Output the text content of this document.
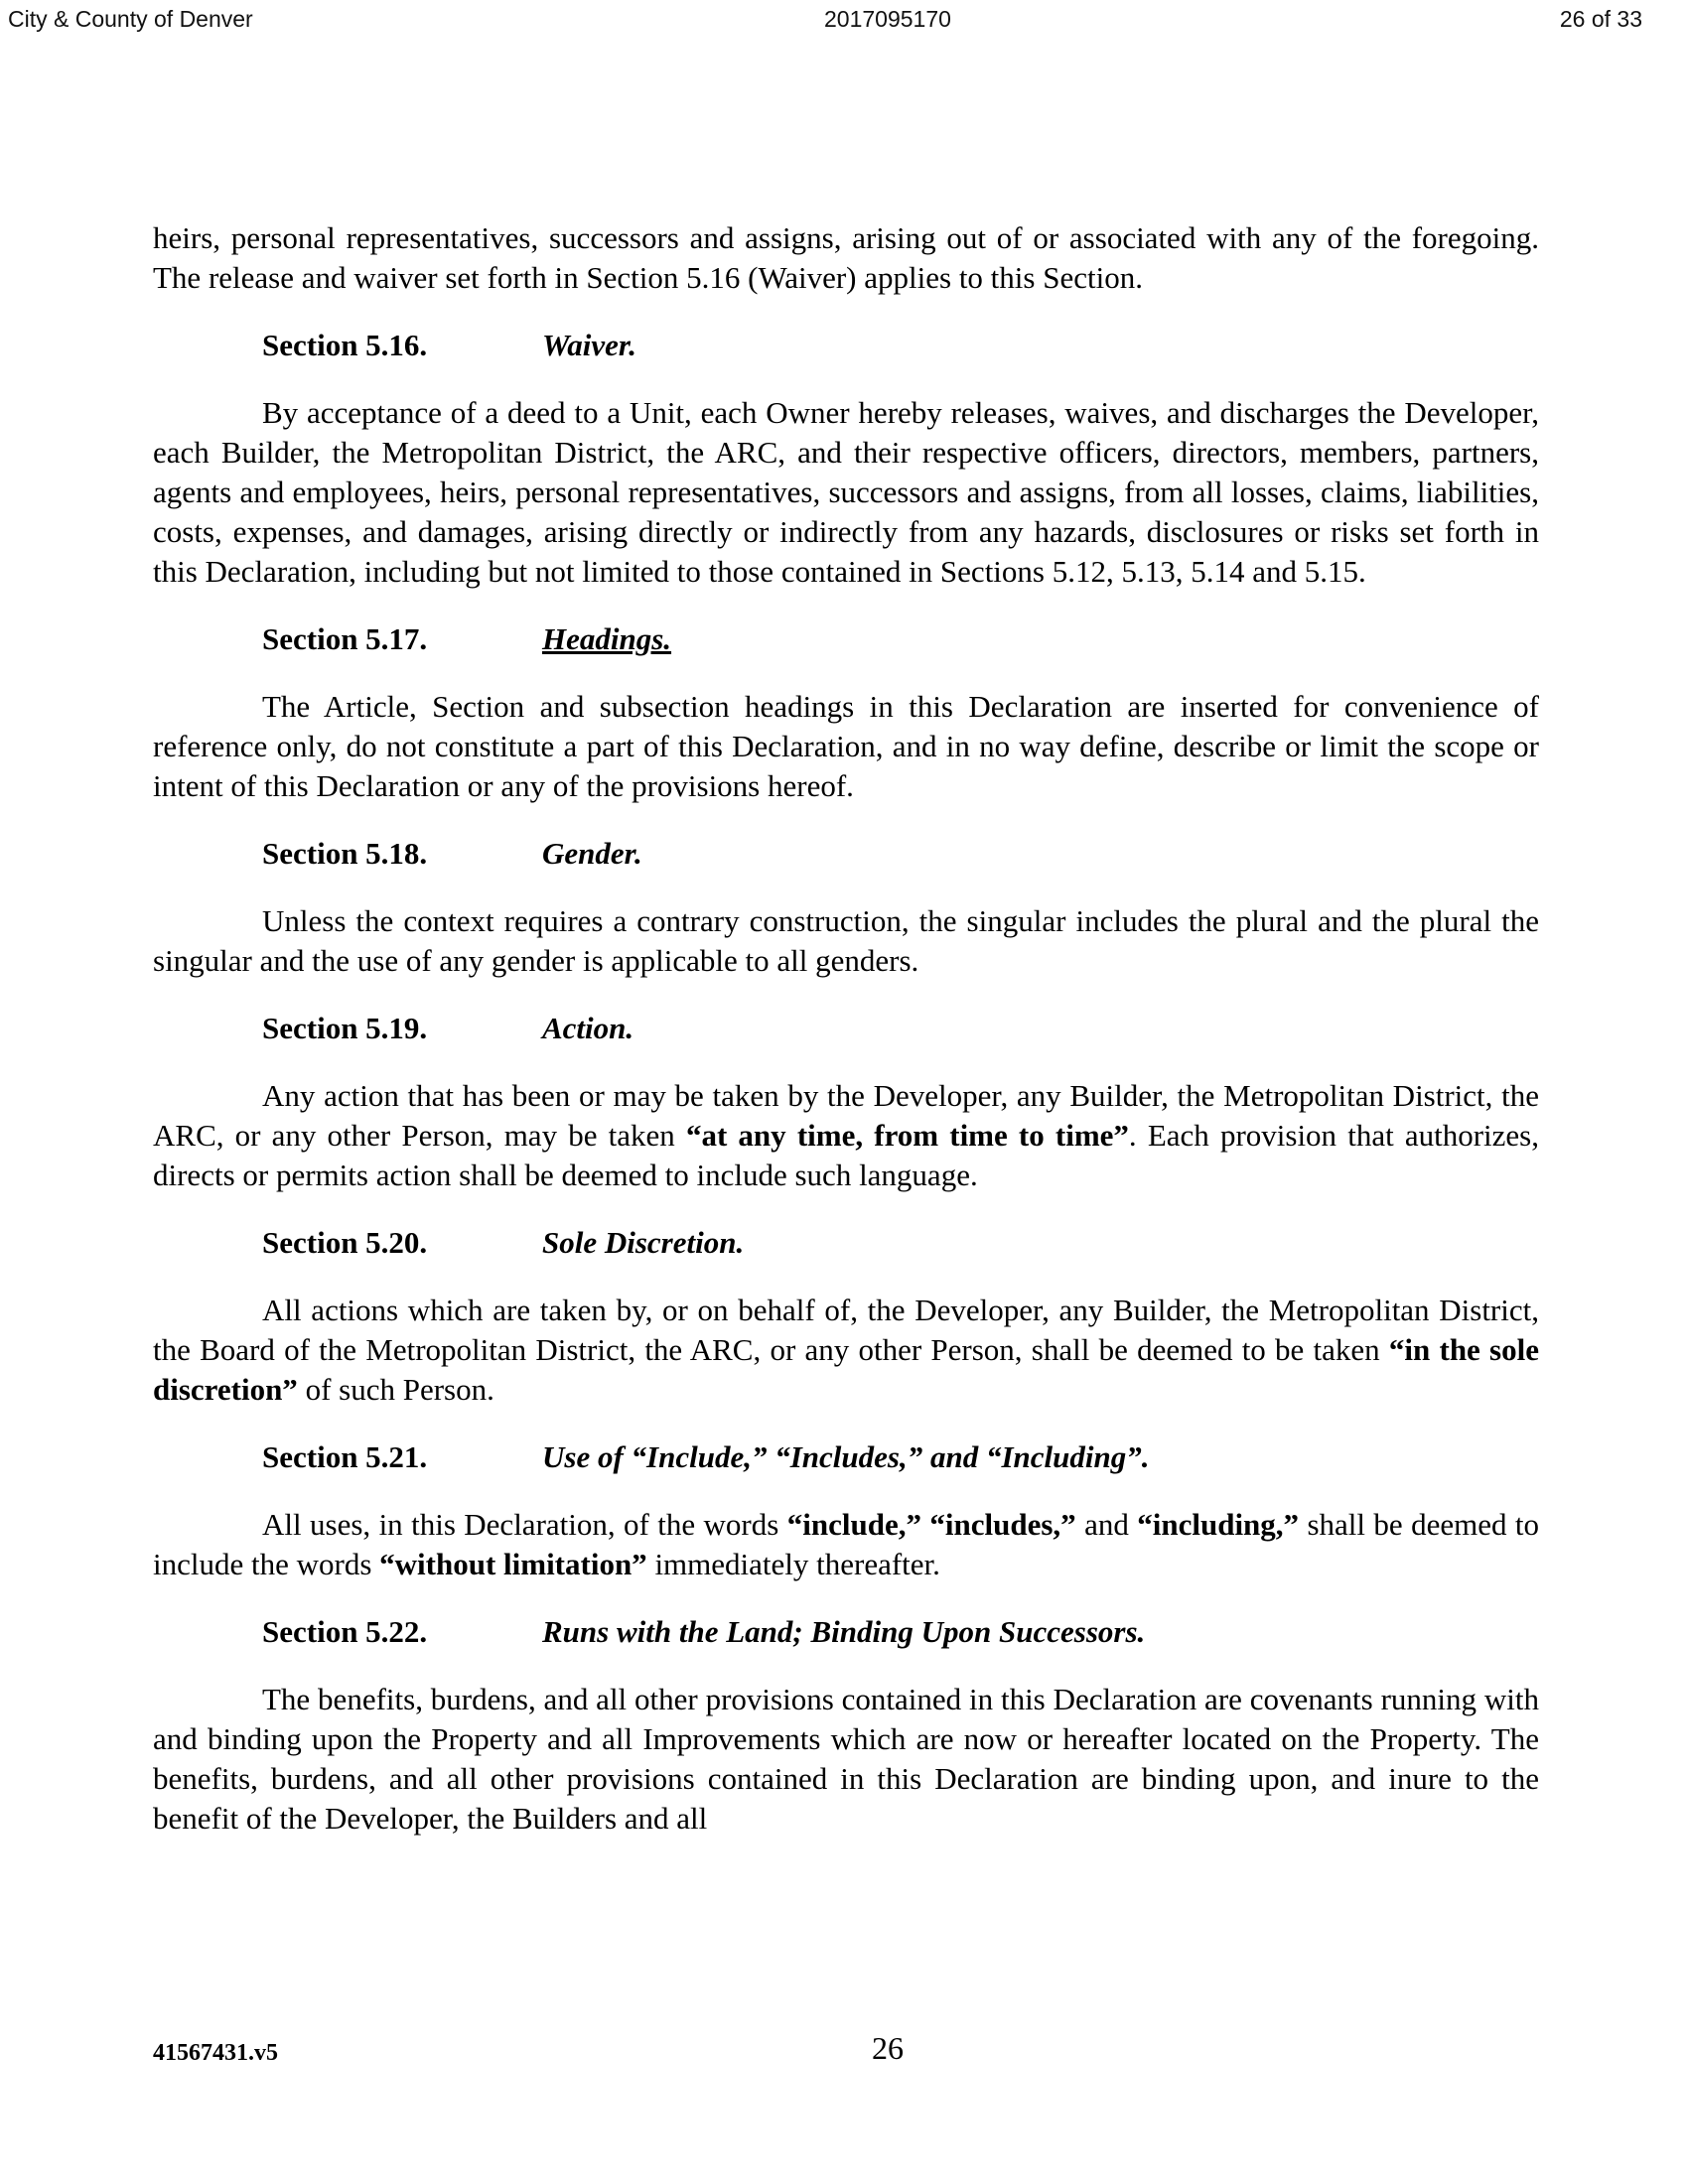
City & County of Denver	2017095170	26 of 33

heirs, personal representatives, successors and assigns, arising out of or associated with any of the foregoing. The release and waiver set forth in Section 5.16 (Waiver) applies to this Section.

Section 5.16.	Waiver.

By acceptance of a deed to a Unit, each Owner hereby releases, waives, and discharges the Developer, each Builder, the Metropolitan District, the ARC, and their respective officers, directors, members, partners, agents and employees, heirs, personal representatives, successors and assigns, from all losses, claims, liabilities, costs, expenses, and damages, arising directly or indirectly from any hazards, disclosures or risks set forth in this Declaration, including but not limited to those contained in Sections 5.12, 5.13, 5.14 and 5.15.

Section 5.17.	Headings.

The Article, Section and subsection headings in this Declaration are inserted for convenience of reference only, do not constitute a part of this Declaration, and in no way define, describe or limit the scope or intent of this Declaration or any of the provisions hereof.

Section 5.18.	Gender.

Unless the context requires a contrary construction, the singular includes the plural and the plural the singular and the use of any gender is applicable to all genders.

Section 5.19.	Action.

Any action that has been or may be taken by the Developer, any Builder, the Metropolitan District, the ARC, or any other Person, may be taken “at any time, from time to time”. Each provision that authorizes, directs or permits action shall be deemed to include such language.

Section 5.20.	Sole Discretion.

All actions which are taken by, or on behalf of, the Developer, any Builder, the Metropolitan District, the Board of the Metropolitan District, the ARC, or any other Person, shall be deemed to be taken “in the sole discretion” of such Person.

Section 5.21.	Use of “Include,” “Includes,” and “Including”.

All uses, in this Declaration, of the words “include,” “includes,” and “including,” shall be deemed to include the words “without limitation” immediately thereafter.

Section 5.22.	Runs with the Land; Binding Upon Successors.

The benefits, burdens, and all other provisions contained in this Declaration are covenants running with and binding upon the Property and all Improvements which are now or hereafter located on the Property. The benefits, burdens, and all other provisions contained in this Declaration are binding upon, and inure to the benefit of the Developer, the Builders and all

41567431.v5	26
